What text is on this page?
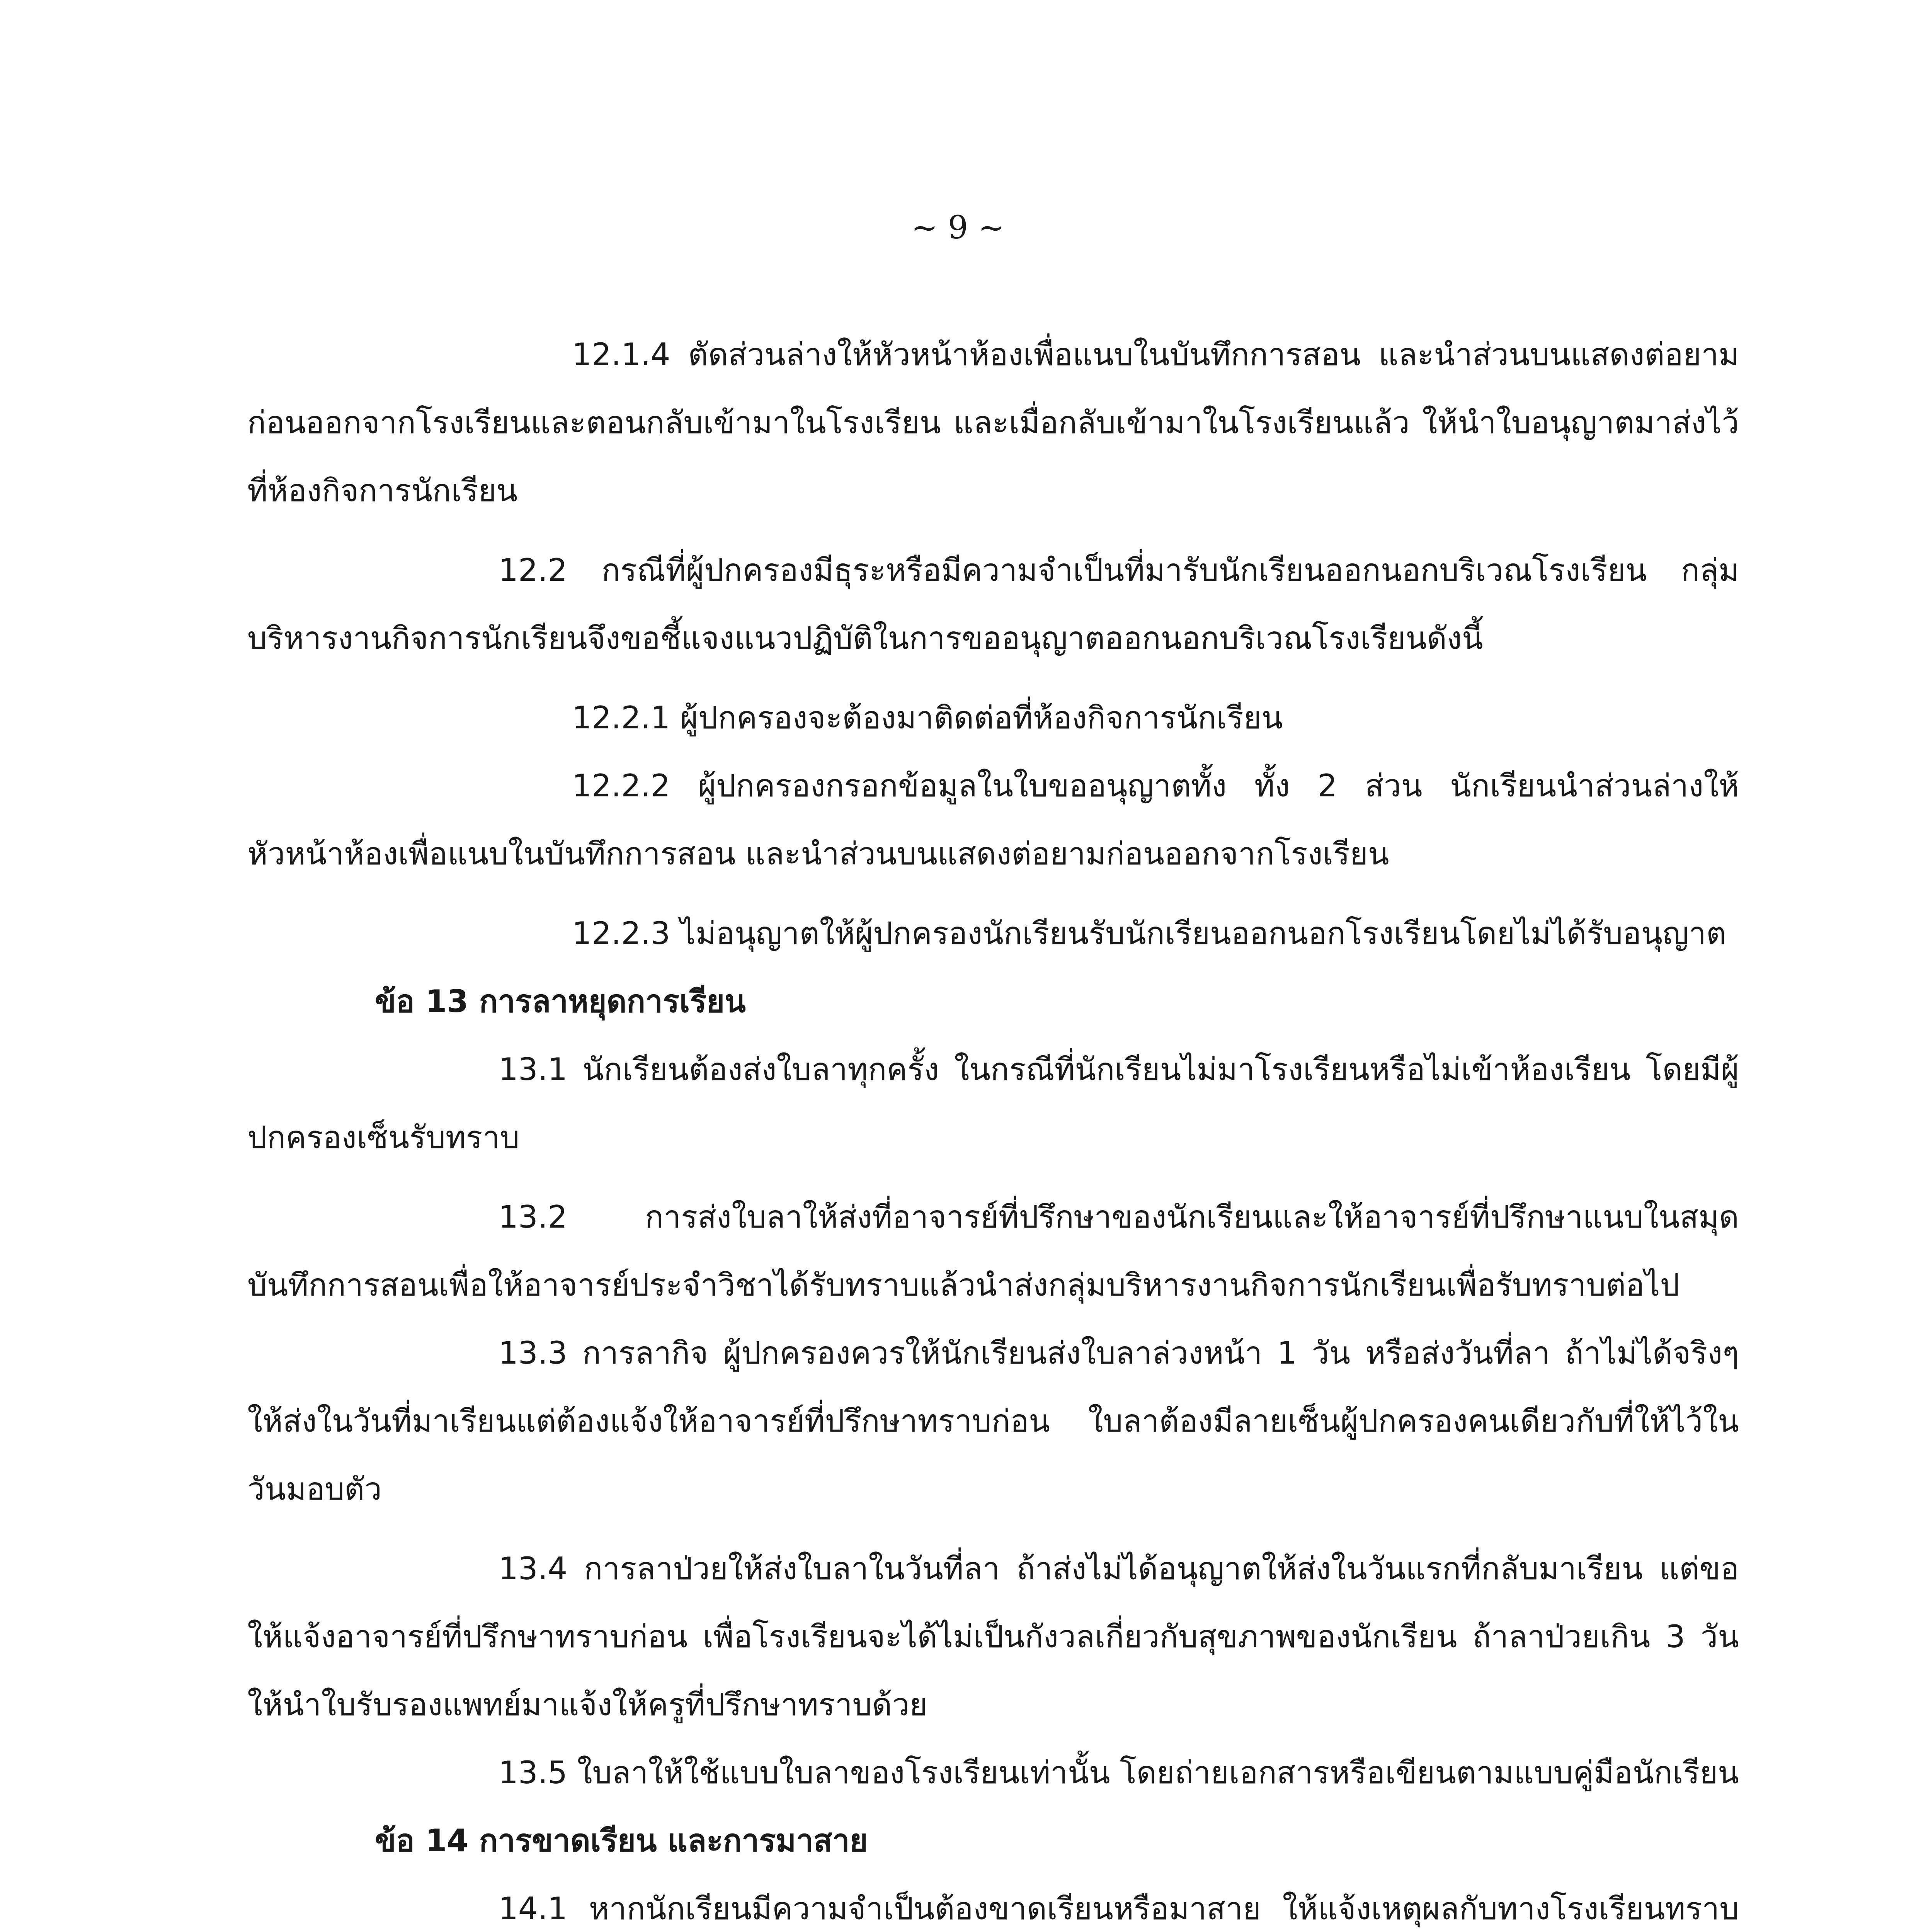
~ 9 ~

12.1.4 ตัดส่วนล่างให้หัวหน้าห้องเพื่อแนบในบันทึกการสอน และนำส่วนบนแสดงต่อยาม ก่อนออกจากโรงเรียนและตอนกลับเข้ามาในโรงเรียน และเมื่อกลับเข้ามาในโรงเรียนแล้ว ให้นำใบอนุญาตมาส่งไว้ที่ห้องกิจการนักเรียน

12.2 กรณีที่ผู้ปกครองมีธุระหรือมีความจำเป็นที่มารับนักเรียนออกนอกบริเวณโรงเรียน กลุ่มบริหารงานกิจการนักเรียนจึงขอชี้แจงแนวปฏิบัติในการขออนุญาตออกนอกบริเวณโรงเรียนดังนี้

12.2.1 ผู้ปกครองจะต้องมาติดต่อที่ห้องกิจการนักเรียน

12.2.2 ผู้ปกครองกรอกข้อมูลในใบขออนุญาตทั้ง ทั้ง 2 ส่วน นักเรียนนำส่วนล่างให้หัวหน้าห้องเพื่อแนบในบันทึกการสอน และนำส่วนบนแสดงต่อยามก่อนออกจากโรงเรียน

12.2.3 ไม่อนุญาตให้ผู้ปกครองนักเรียนรับนักเรียนออกนอกโรงเรียนโดยไม่ได้รับอนุญาต

ข้อ 13 การลาหยุดการเรียน

13.1 นักเรียนต้องส่งใบลาทุกครั้ง ในกรณีที่นักเรียนไม่มาโรงเรียนหรือไม่เข้าห้องเรียน โดยมีผู้ปกครองเซ็นรับทราบ

13.2 การส่งใบลาให้ส่งที่อาจารย์ที่ปรึกษาของนักเรียนและให้อาจารย์ที่ปรึกษาแนบในสมุดบันทึกการสอนเพื่อให้อาจารย์ประจำวิชาได้รับทราบแล้วนำส่งกลุ่มบริหารงานกิจการนักเรียนเพื่อรับทราบต่อไป

13.3 การลากิจ ผู้ปกครองควรให้นักเรียนส่งใบลาล่วงหน้า 1 วัน หรือส่งวันที่ลา ถ้าไม่ได้จริงๆให้ส่งในวันที่มาเรียนแต่ต้องแจ้งให้อาจารย์ที่ปรึกษาทราบก่อน ใบลาต้องมีลายเซ็นผู้ปกครองคนเดียวกับที่ให้ไว้ในวันมอบตัว

13.4 การลาป่วยให้ส่งใบลาในวันที่ลา ถ้าส่งไม่ได้อนุญาตให้ส่งในวันแรกที่กลับมาเรียน แต่ขอให้แจ้งอาจารย์ที่ปรึกษาทราบก่อน เพื่อโรงเรียนจะได้ไม่เป็นกังวลเกี่ยวกับสุขภาพของนักเรียน ถ้าลาป่วยเกิน 3 วัน ให้นำใบรับรองแพทย์มาแจ้งให้ครูที่ปรึกษาทราบด้วย

13.5 ใบลาให้ใช้แบบใบลาของโรงเรียนเท่านั้น โดยถ่ายเอกสารหรือเขียนตามแบบคู่มือนักเรียน

ข้อ 14 การขาดเรียน และการมาสาย

14.1 หากนักเรียนมีความจำเป็นต้องขาดเรียนหรือมาสาย ให้แจ้งเหตุผลกับทางโรงเรียนทราบ
